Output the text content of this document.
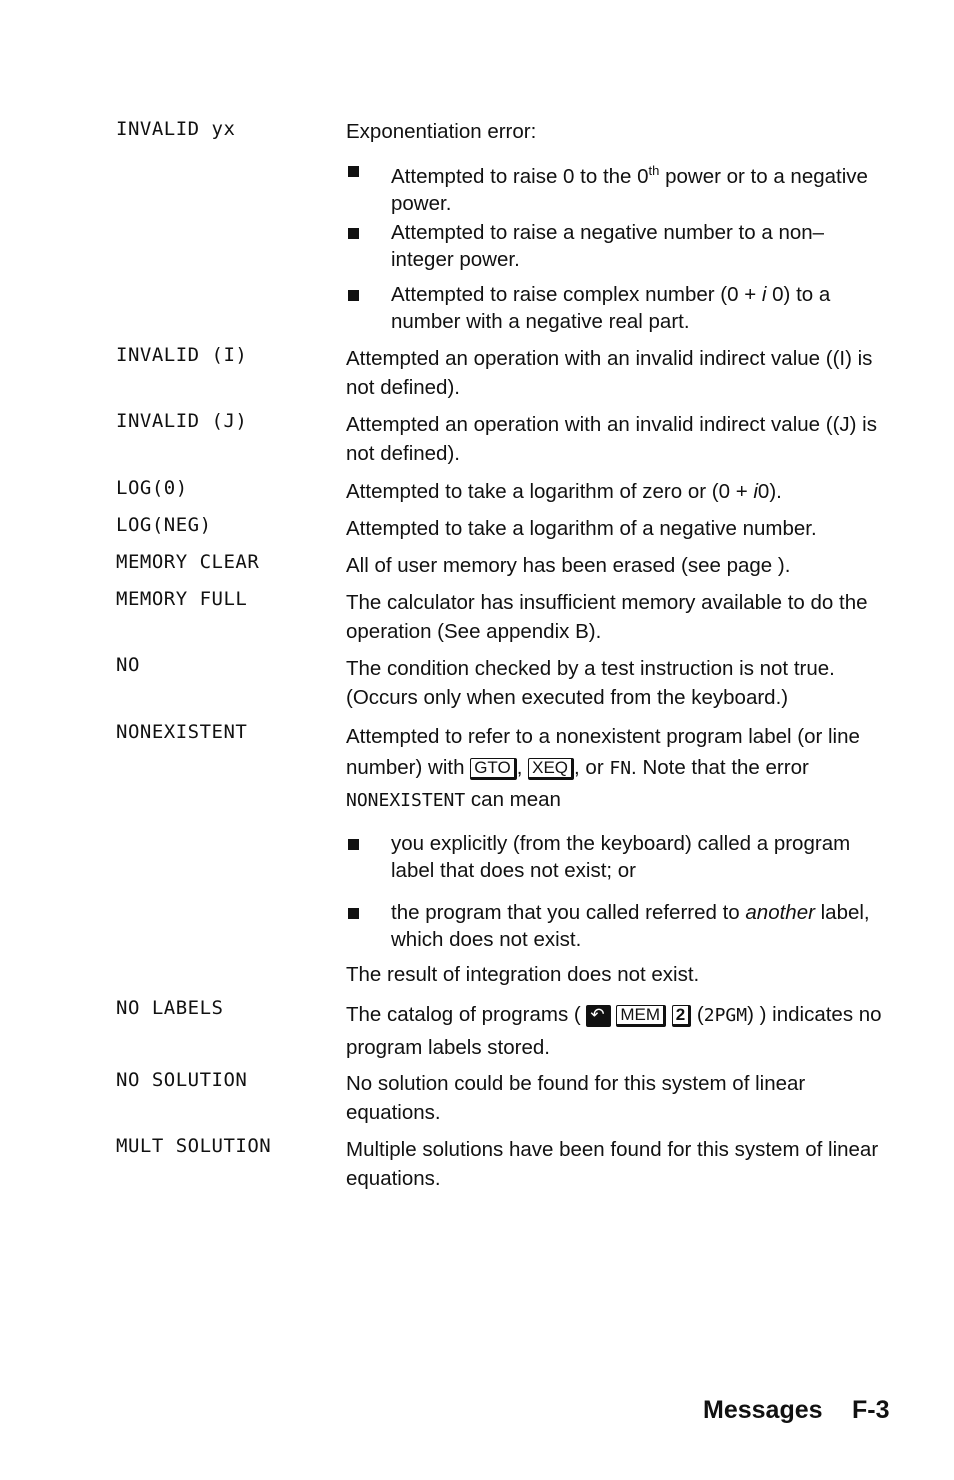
INVALID yx	Exponentiation error:
Attempted to raise 0 to the 0th power or to a negative power.
Attempted to raise a negative number to a non–integer power.
Attempted to raise complex number (0 + i 0) to a number with a negative real part.
INVALID (I)	Attempted an operation with an invalid indirect value ((I) is not defined).
INVALID (J)	Attempted an operation with an invalid indirect value ((J) is not defined).
LOG(0)	Attempted to take a logarithm of zero or (0 + i0).
LOG(NEG)	Attempted to take a logarithm of a negative number.
MEMORY CLEAR	All of user memory has been erased (see page ).
MEMORY FULL	The calculator has insufficient memory available to do the operation (See appendix B).
NO	The condition checked by a test instruction is not true. (Occurs only when executed from the keyboard.)
NONEXISTENT	Attempted to refer to a nonexistent program label (or line number) with GTO , XEQ , or FN. Note that the error NONEXISTENT can mean
you explicitly (from the keyboard) called a program label that does not exist; or
the program that you called referred to another label, which does not exist.
The result of integration does not exist.
NO LABELS	The catalog of programs ( ↶ MEM 2 (2PGM) ) indicates no program labels stored.
NO SOLUTION	No solution could be found for this system of linear equations.
MULT SOLUTION	Multiple solutions have been found for this system of linear equations.
Messages F-3
